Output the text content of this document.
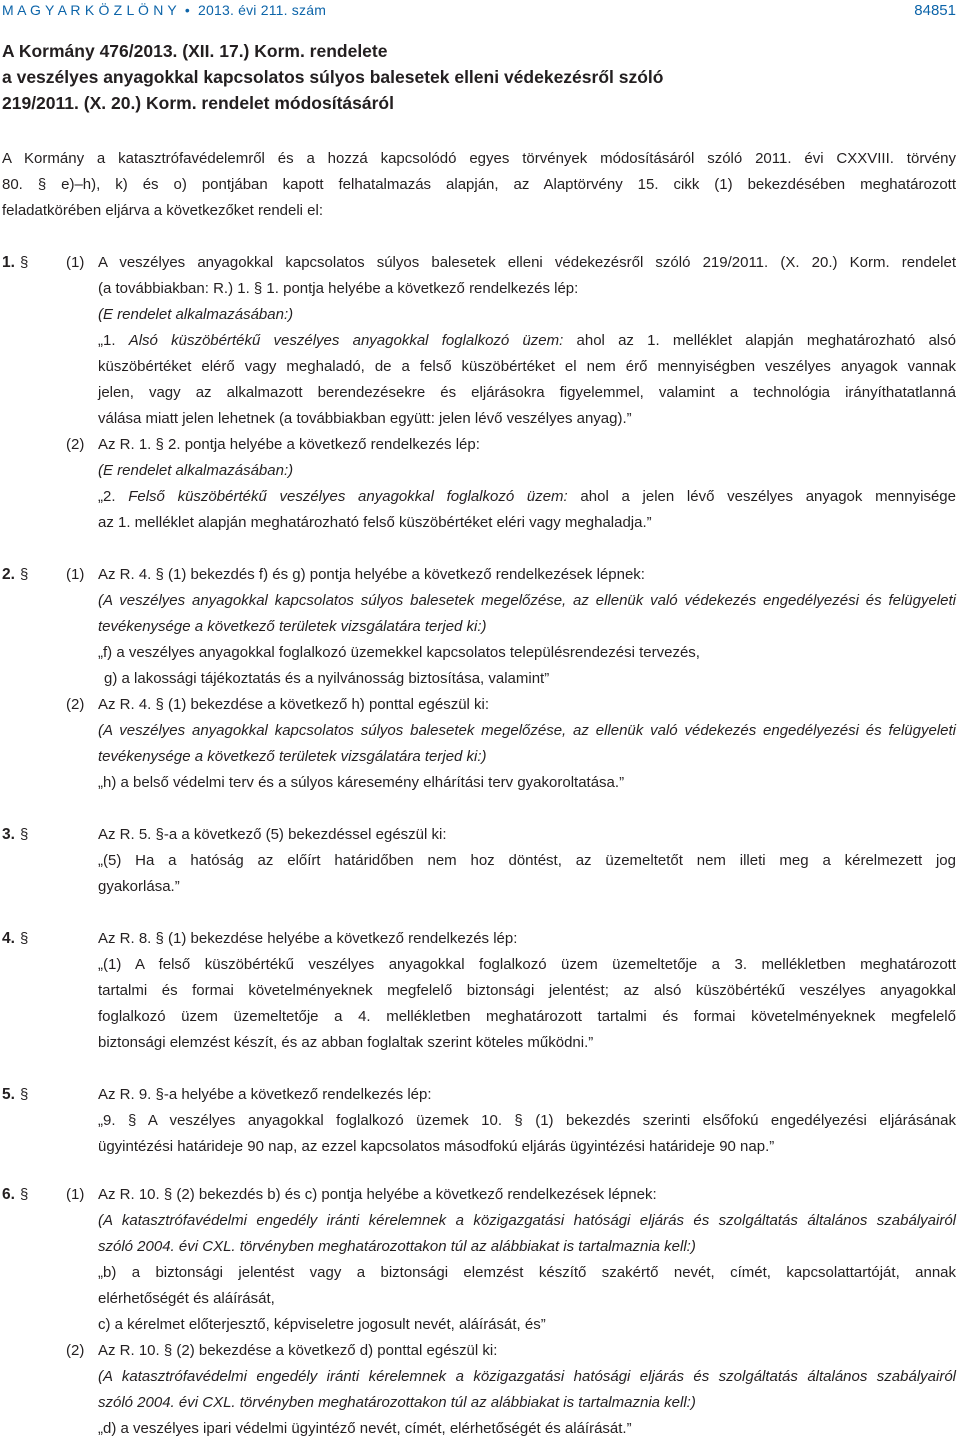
M A G Y A R K Ö Z L Ö N Y • 2013. évi 211. szám	84851
A Kormány 476/2013. (XII. 17.) Korm. rendelete
a veszélyes anyagokkal kapcsolatos súlyos balesetek elleni védekezésről szóló
219/2011. (X. 20.) Korm. rendelet módosításáról
A Kormány a katasztrófavédelemről és a hozzá kapcsolódó egyes törvények módosításáról szóló 2011. évi CXXVIII. törvény
80. § e)–h), k) és o) pontjában kapott felhatalmazás alapján, az Alaptörvény 15. cikk (1) bekezdésében meghatározott
feladatkörében eljárva a következőket rendeli el:
1. §	(1) A veszélyes anyagokkal kapcsolatos súlyos balesetek elleni védekezésről szóló 219/2011. (X. 20.) Korm. rendelet
(a továbbiakban: R.) 1. § 1. pontja helyébe a következő rendelkezés lép:
(E rendelet alkalmazásában:)
„1. Alsó küszöbértékű veszélyes anyagokkal foglalkozó üzem: ahol az 1. melléklet alapján meghatározható alsó
küszöbértéket elérő vagy meghaladó, de a felső küszöbértéket el nem érő mennyiségben veszélyes anyagok vannak
jelen, vagy az alkalmazott berendezésekre és eljárásokra figyelemmel, valamint a technológia irányíthatatlanná
válása miatt jelen lehetnek (a továbbiakban együtt: jelen lévő veszélyes anyag).”
(2) Az R. 1. § 2. pontja helyébe a következő rendelkezés lép:
(E rendelet alkalmazásában:)
„2. Felső küszöbértékű veszélyes anyagokkal foglalkozó üzem: ahol a jelen lévő veszélyes anyagok mennyisége
az 1. melléklet alapján meghatározható felső küszöbértéket eléri vagy meghaladja.”
2. §	(1) Az R. 4. § (1) bekezdés f) és g) pontja helyébe a következő rendelkezések lépnek:
(A veszélyes anyagokkal kapcsolatos súlyos balesetek megelőzése, az ellenük való védekezés engedélyezési és felügyeleti
tevékenysége a következő területek vizsgálatára terjed ki:)
„f) a veszélyes anyagokkal foglalkozó üzemekkel kapcsolatos településrendezési tervezés,
g) a lakossági tájékoztatás és a nyilvánosság biztosítása, valamint”
(2) Az R. 4. § (1) bekezdése a következő h) ponttal egészül ki:
(A veszélyes anyagokkal kapcsolatos súlyos balesetek megelőzése, az ellenük való védekezés engedélyezési és felügyeleti
tevékenysége a következő területek vizsgálatára terjed ki:)
„h) a belső védelmi terv és a súlyos káresemény elhárítási terv gyakoroltatása.”
3. §	Az R. 5. §-a a következő (5) bekezdéssel egészül ki:
„(5) Ha a hatóság az előírt határidőben nem hoz döntést, az üzemeltetőt nem illeti meg a kérelmezett jog
gyakorlása.”
4. §	Az R. 8. § (1) bekezdése helyébe a következő rendelkezés lép:
„(1) A felső küszöbértékű veszélyes anyagokkal foglalkozó üzem üzemeltetője a 3. mellékletben meghatározott
tartalmi és formai követelményeknek megfelelő biztonsági jelentést; az alsó küszöbértékű veszélyes anyagokkal
foglalkozó üzem üzemeltetője a 4. mellékletben meghatározott tartalmi és formai követelményeknek megfelelő
biztonsági elemzést készít, és az abban foglaltak szerint köteles működni.”
5. §	Az R. 9. §-a helyébe a következő rendelkezés lép:
„9. § A veszélyes anyagokkal foglalkozó üzemek 10. § (1) bekezdés szerinti elsőfokú engedélyezési eljárásának
ügyintézési határideje 90 nap, az ezzel kapcsolatos másodfokú eljárás ügyintézési határideje 90 nap.”
6. §	(1) Az R. 10. § (2) bekezdés b) és c) pontja helyébe a következő rendelkezések lépnek:
(A katasztrófavédelmi engedély iránti kérelemnek a közigazgatási hatósági eljárás és szolgáltatás általános szabályairól
szóló 2004. évi CXL. törvényben meghatározottakon túl az alábbiakat is tartalmaznia kell:)
„b) a biztonsági jelentést vagy a biztonsági elemzést készítő szakértő nevét, címét, kapcsolattartóját, annak
elérhetőségét és aláírását,
c) a kérelmet előterjesztő, képviseletre jogosult nevét, aláírását, és”
(2) Az R. 10. § (2) bekezdése a következő d) ponttal egészül ki:
(A katasztrófavédelmi engedély iránti kérelemnek a közigazgatási hatósági eljárás és szolgáltatás általános szabályairól
szóló 2004. évi CXL. törvényben meghatározottakon túl az alábbiakat is tartalmaznia kell:)
„d) a veszélyes ipari védelmi ügyintéző nevét, címét, elérhetőségét és aláírását.”
